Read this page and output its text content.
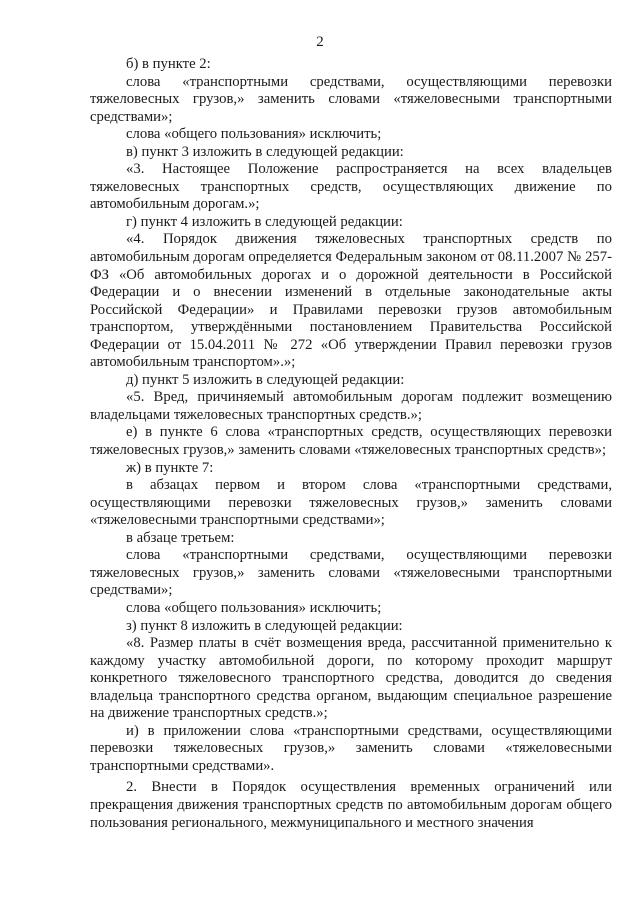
2

б) в пункте 2:

слова «транспортными средствами, осуществляющими перевозки тяжеловесных грузов,» заменить словами «тяжеловесными транспортными средствами»;

слова «общего пользования» исключить;

в) пункт 3 изложить в следующей редакции:

«3. Настоящее Положение распространяется на всех владельцев тяжеловесных транспортных средств, осуществляющих движение по автомобильным дорогам.»;

г) пункт 4 изложить в следующей редакции:

«4. Порядок движения тяжеловесных транспортных средств по автомобильным дорогам определяется Федеральным законом от 08.11.2007 № 257-ФЗ «Об автомобильных дорогах и о дорожной деятельности в Российской Федерации и о внесении изменений в отдельные законодательные акты Российской Федерации» и Правилами перевозки грузов автомобильным транспортом, утверждёнными постановлением Правительства Российской Федерации от 15.04.2011 № 272 «Об утверждении Правил перевозки грузов автомобильным транспортом».»;

д) пункт 5 изложить в следующей редакции:

«5. Вред, причиняемый автомобильным дорогам подлежит возмещению владельцами тяжеловесных транспортных средств.»;

е) в пункте 6 слова «транспортных средств, осуществляющих перевозки тяжеловесных грузов,» заменить словами «тяжеловесных транспортных средств»;

ж) в пункте 7:

в абзацах первом и втором слова «транспортными средствами, осуществляющими перевозки тяжеловесных грузов,» заменить словами «тяжеловесными транспортными средствами»;

в абзаце третьем:

слова «транспортными средствами, осуществляющими перевозки тяжеловесных грузов,» заменить словами «тяжеловесными транспортными средствами»;

слова «общего пользования» исключить;

з) пункт 8 изложить в следующей редакции:

«8. Размер платы в счёт возмещения вреда, рассчитанной применительно к каждому участку автомобильной дороги, по которому проходит маршрут конкретного тяжеловесного транспортного средства, доводится до сведения владельца транспортного средства органом, выдающим специальное разрешение на движение транспортных средств.»;

и) в приложении слова «транспортными средствами, осуществляющими перевозки тяжеловесных грузов,» заменить словами «тяжеловесными транспортными средствами».

2. Внести в Порядок осуществления временных ограничений или прекращения движения транспортных средств по автомобильным дорогам общего пользования регионального, межмуниципального и местного значения
